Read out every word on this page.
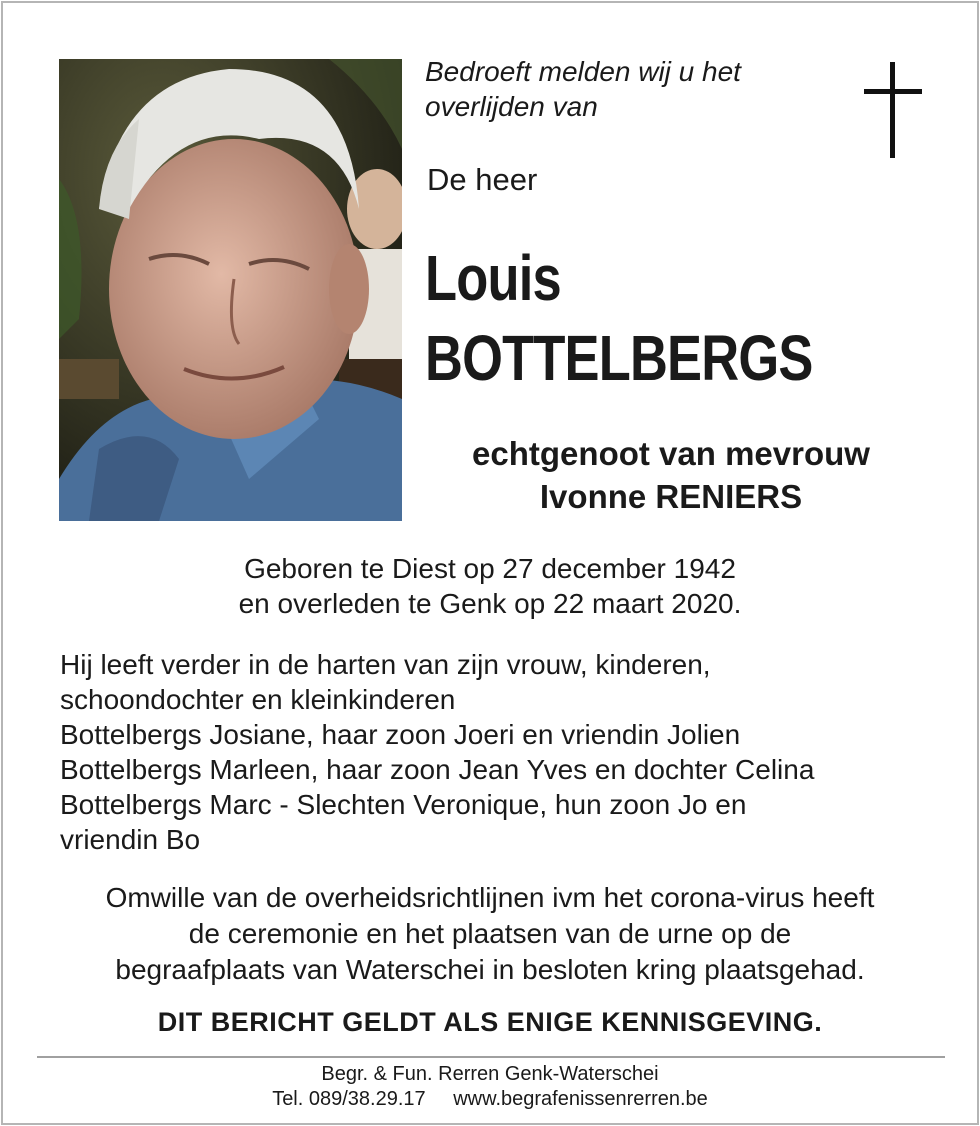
Bedroeft melden wij u het
overlijden van
De heer
Louis
BOTTELBERGS
echtgenoot van mevrouw
Ivonne RENIERS
Geboren te Diest op 27 december 1942
en overleden te Genk op 22 maart 2020.
Hij leeft verder in de harten van zijn vrouw, kinderen,
schoondochter en kleinkinderen
Bottelbergs Josiane, haar zoon Joeri en vriendin Jolien
Bottelbergs Marleen, haar zoon Jean Yves en dochter Celina
Bottelbergs Marc - Slechten Veronique, hun zoon Jo en
vriendin Bo
Omwille van de overheidsrichtlijnen ivm het corona-virus heeft
de ceremonie en het plaatsen van de urne op de
begraafplaats van Waterschei in besloten kring plaatsgehad.
DIT BERICHT GELDT ALS ENIGE KENNISGEVING.
Begr. & Fun. Rerren Genk-Waterschei
Tel. 089/38.29.17 www.begrafenissenrerren.be
